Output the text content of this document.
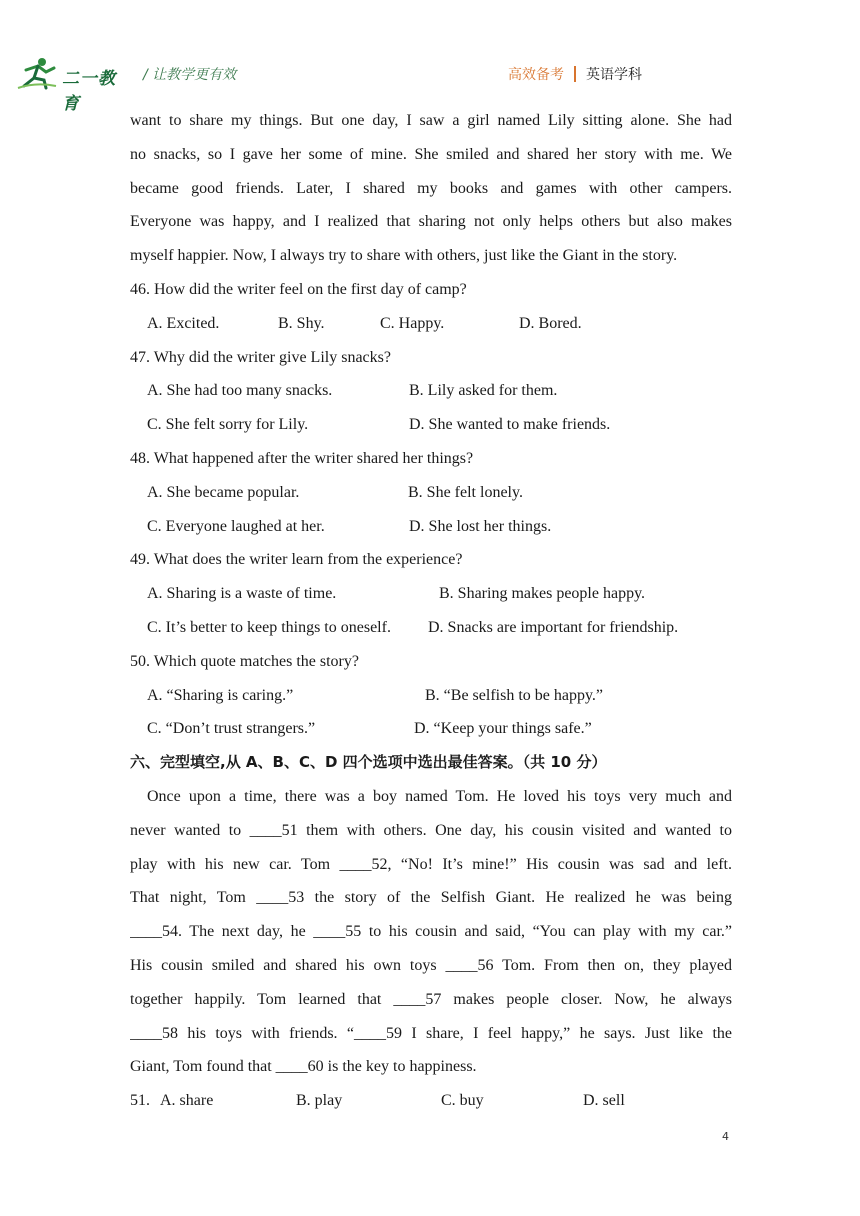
二一教育
/ 让教学更有效	高效备考 英语学科
want to share my things. But one day, I saw a girl named Lily sitting alone. She had
no snacks, so I gave her some of mine. She smiled and shared her story with me. We
became good friends. Later, I shared my books and games with other campers.
Everyone was happy, and I realized that sharing not only helps others but also makes
myself happier. Now, I always try to share with others, just like the Giant in the story.
46. How did the writer feel on the first day of camp?
A. Excited.	B. Shy.	C. Happy.	D. Bored.
47. Why did the writer give Lily snacks?
A. She had too many snacks.	B. Lily asked for them.
C. She felt sorry for Lily.	D. She wanted to make friends.
48. What happened after the writer shared her things?
A. She became popular.	B. She felt lonely.
C. Everyone laughed at her.	D. She lost her things.
49. What does the writer learn from the experience?
A. Sharing is a waste of time.	B. Sharing makes people happy.
C. It’s better to keep things to oneself. D. Snacks are important for friendship.
50. Which quote matches the story?
A. “Sharing is caring.”	B. “Be selfish to be happy.”
C. “Don’t trust strangers.”	D. “Keep your things safe.”
六、完型填空,从 A、B、C、D 四个选项中选出最佳答案。（共 10 分）
Once upon a time, there was a boy named Tom. He loved his toys very much and
never wanted to ____51 them with others. One day, his cousin visited and wanted to
play with his new car. Tom ____52, “No! It’s mine!” His cousin was sad and left.
That night, Tom ____53 the story of the Selfish Giant. He realized he was being
____54. The next day, he ____55 to his cousin and said, “You can play with my car.”
His cousin smiled and shared his own toys ____56 Tom. From then on, they played
together happily. Tom learned that ____57 makes people closer. Now, he always
____58 his toys with friends. “____59 I share, I feel happy,” he says. Just like the
Giant, Tom found that ____60 is the key to happiness.
51. A. share	B. play	C. buy	D. sell
4
